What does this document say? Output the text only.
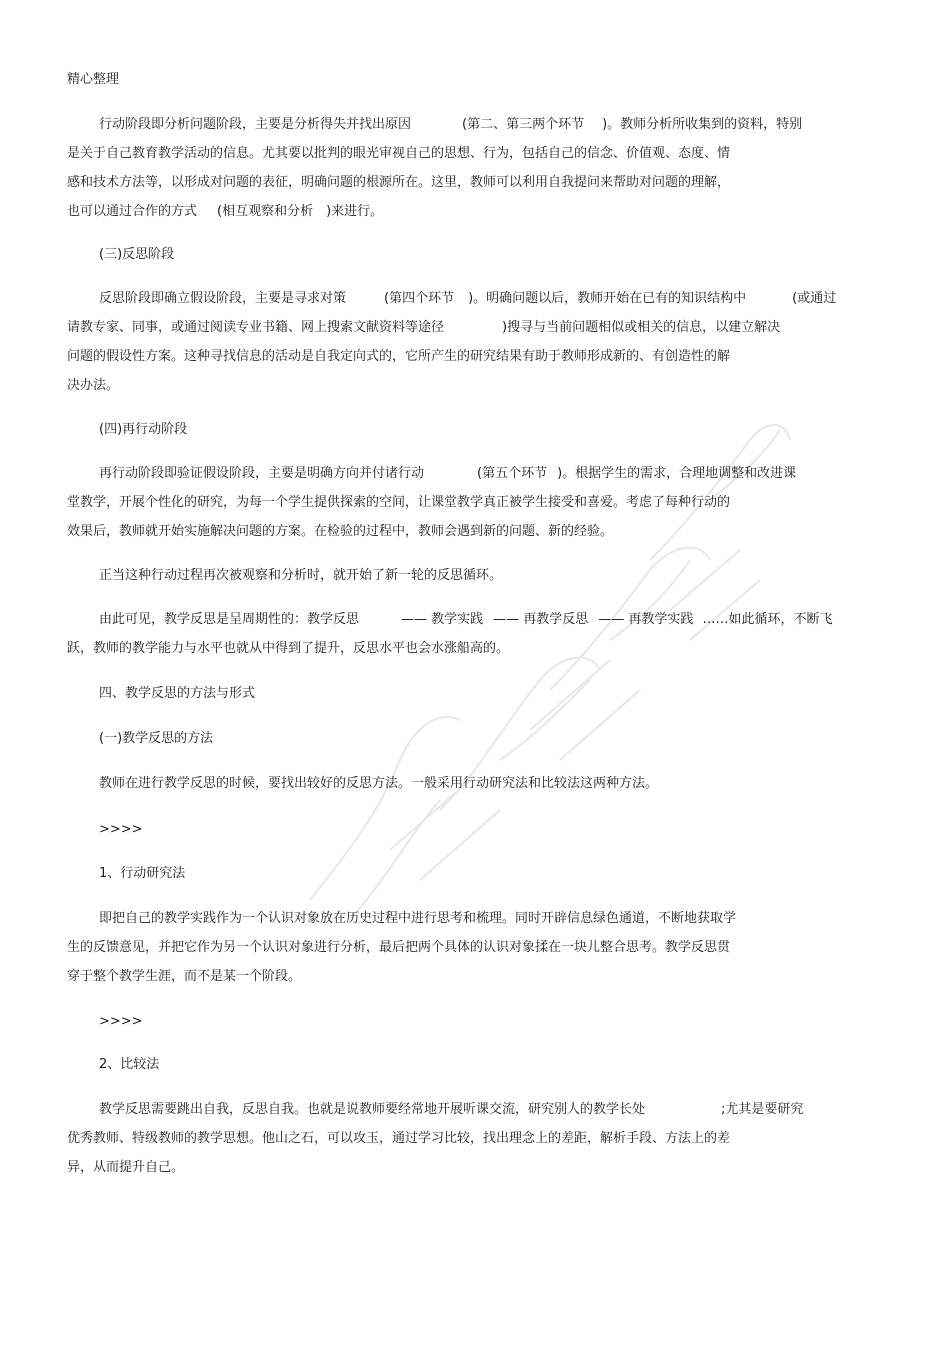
精心整理
行动阶段即分析问题阶段，主要是分析得失并找出原因	(第二、第三两个环节 )。教师分析所收集到的资料，特别
是关于自己教育教学活动的信息。尤其要以批判的眼光审视自己的思想、行为，包括自己的信念、价值观、态度、情
感和技术方法等，以形成对问题的表征，明确问题的根源所在。这里，教师可以利用自我提问来帮助对问题的理解，
也可以通过合作的方式 (相互观察和分析 )来进行。
(三)反思阶段
反思阶段即确立假设阶段，主要是寻求对策	(第四个环节 )。明确问题以后，教师开始在已有的知识结构中	(或通过
请教专家、同事，或通过阅读专业书籍、网上搜索文献资料等途径	)搜寻与当前问题相似或相关的信息，以建立解决
问题的假设性方案。这种寻找信息的活动是自我定向式的，它所产生的研究结果有助于教师形成新的、有创造性的解
决办法。
(四)再行动阶段
再行动阶段即验证假设阶段，主要是明确方向并付诸行动	(第五个环节 )。根据学生的需求，合理地调整和改进课
堂教学，开展个性化的研究，为每一个学生提供探索的空间，让课堂教学真正被学生接受和喜爱。考虑了每种行动的
效果后，教师就开始实施解决问题的方案。在检验的过程中，教师会遇到新的问题、新的经验。
正当这种行动过程再次被观察和分析时，就开始了新一轮的反思循环。
由此可见，教学反思是呈周期性的：教学反思	—— 教学实践 —— 再教学反思 —— 再教学实践 ……如此循环，不断飞
跃，教师的教学能力与水平也就从中得到了提升，反思水平也会水涨船高的。
四、教学反思的方法与形式
(一)教学反思的方法
教师在进行教学反思的时候，要找出较好的反思方法。一般采用行动研究法和比较法这两种方法。
>>>>
1、行动研究法
即把自己的教学实践作为一个认识对象放在历史过程中进行思考和梳理。同时开辟信息绿色通道，不断地获取学
生的反馈意见，并把它作为另一个认识对象进行分析，最后把两个具体的认识对象揉在一块儿整合思考。教学反思贯
穿于整个教学生涯，而不是某一个阶段。
>>>>
2、比较法
教学反思需要跳出自我，反思自我。也就是说教师要经常地开展听课交流，研究别人的教学长处	;尤其是要研究
优秀教师、特级教师的教学思想。他山之石，可以攻玉，通过学习比较，找出理念上的差距，解析手段、方法上的差
异，从而提升自己。
